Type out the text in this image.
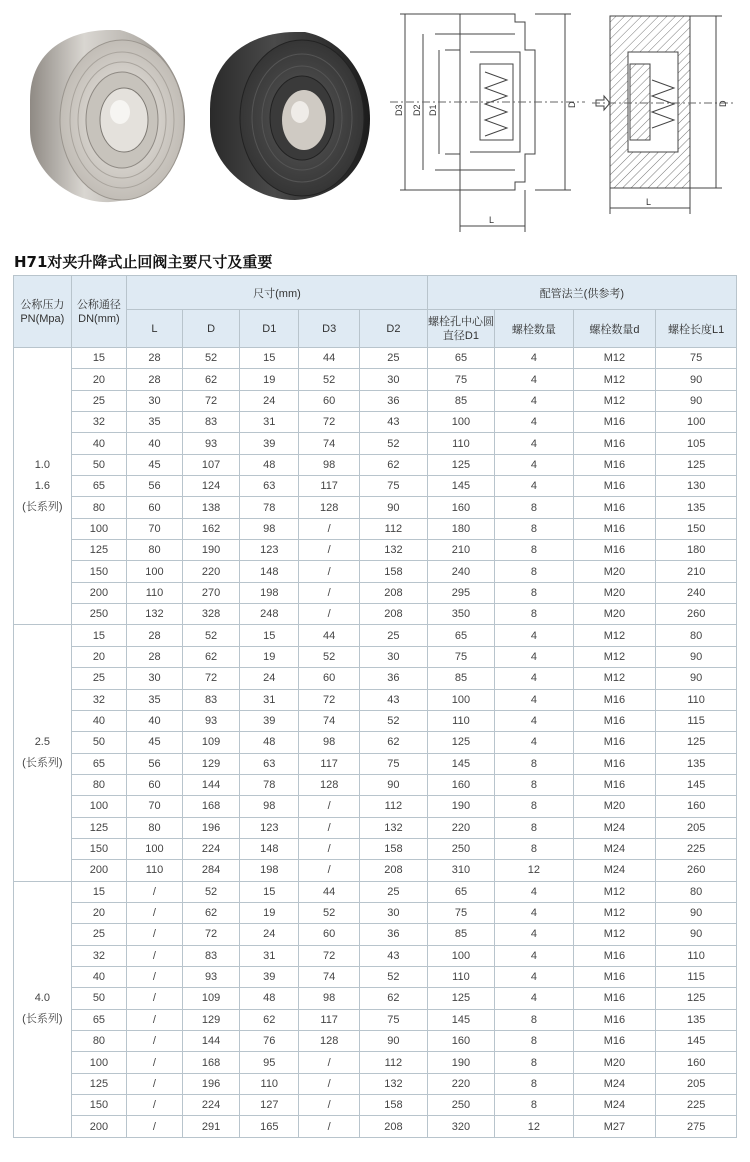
D3 D2 D1	D
L
D
L
H71对夹升降式止回阀主要尺寸及重要
公称压力PN(Mpa)	公称通径DN(mm)	尺寸(mm)					配管法兰(供参考)			
		L	D	D1	D3	D2	螺栓孔中心圆直径D1	螺栓数量	螺栓数量d	螺栓长度L1

1.0
1.6
(长系列)	15	28	52	15	44	25	65	4	M12	75
	20	28	62	19	52	30	75	4	M12	90
	25	30	72	24	60	36	85	4	M12	90
	32	35	83	31	72	43	100	4	M16	100
	40	40	93	39	74	52	110	4	M16	105
	50	45	107	48	98	62	125	4	M16	125
	65	56	124	63	117	75	145	4	M16	130
	80	60	138	78	128	90	160	8	M16	135
	100	70	162	98	/	112	180	8	M16	150
	125	80	190	123	/	132	210	8	M16	180
	150	100	220	148	/	158	240	8	M20	210
	200	110	270	198	/	208	295	8	M20	240
	250	132	328	248	/	208	350	8	M20	260

2.5
(长系列)	15	28	52	15	44	25	65	4	M12	80
	20	28	62	19	52	30	75	4	M12	90
	25	30	72	24	60	36	85	4	M12	90
	32	35	83	31	72	43	100	4	M16	110
	40	40	93	39	74	52	110	4	M16	115
	50	45	109	48	98	62	125	4	M16	125
	65	56	129	63	117	75	145	8	M16	135
	80	60	144	78	128	90	160	8	M16	145
	100	70	168	98	/	112	190	8	M20	160
	125	80	196	123	/	132	220	8	M24	205
	150	100	224	148	/	158	250	8	M24	225
	200	110	284	198	/	208	310	12	M24	260

4.0
(长系列)	15	/	52	15	44	25	65	4	M12	80
	20	/	62	19	52	30	75	4	M12	90
	25	/	72	24	60	36	85	4	M12	90
	32	/	83	31	72	43	100	4	M16	110
	40	/	93	39	74	52	110	4	M16	115
	50	/	109	48	98	62	125	4	M16	125
	65	/	129	62	117	75	145	8	M16	135
	80	/	144	76	128	90	160	8	M16	145
	100	/	168	95	/	112	190	8	M20	160
	125	/	196	110	/	132	220	8	M24	205
	150	/	224	127	/	158	250	8	M24	225
	200	/	291	165	/	208	320	12	M27	275
